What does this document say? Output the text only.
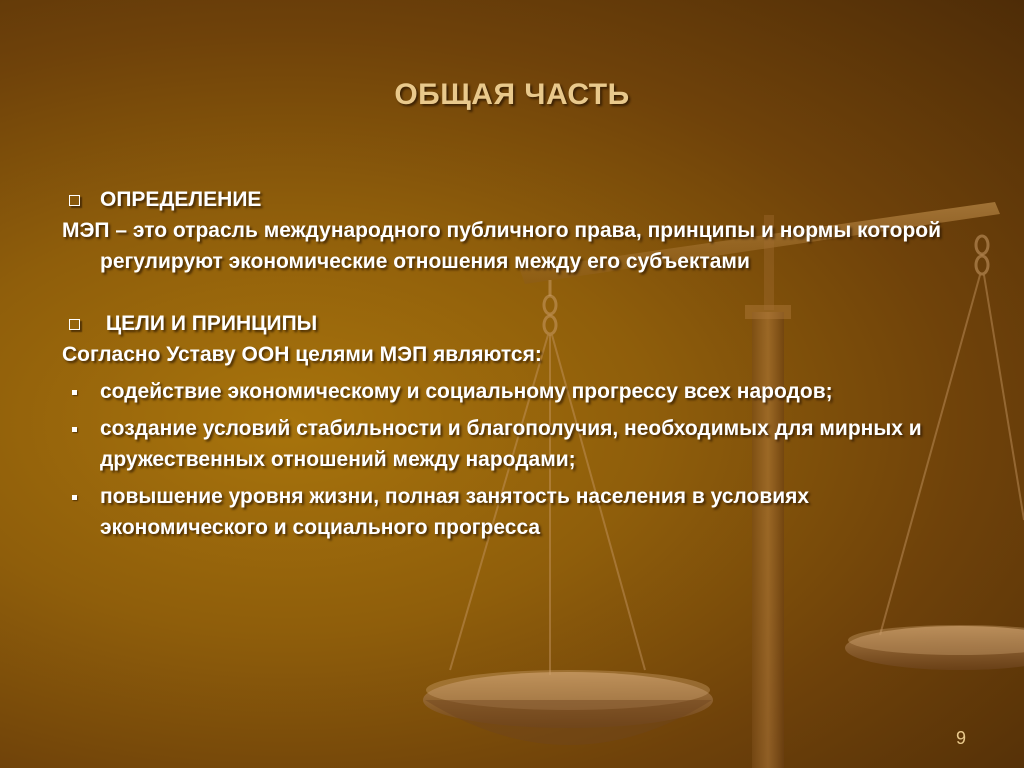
ОБЩАЯ ЧАСТЬ

ОПРЕДЕЛЕНИЕ

МЭП – это отрасль международного публичного права, принципы и нормы которой регулируют экономические отношения между его субъектами

ЦЕЛИ И ПРИНЦИПЫ

Согласно Уставу ООН целями МЭП являются:

содействие экономическому и социальному прогрессу всех народов;

создание условий стабильности и благополучия, необходимых для мирных и дружественных отношений между народами;

повышение уровня жизни, полная занятость населения в условиях экономического и социального прогресса

9
